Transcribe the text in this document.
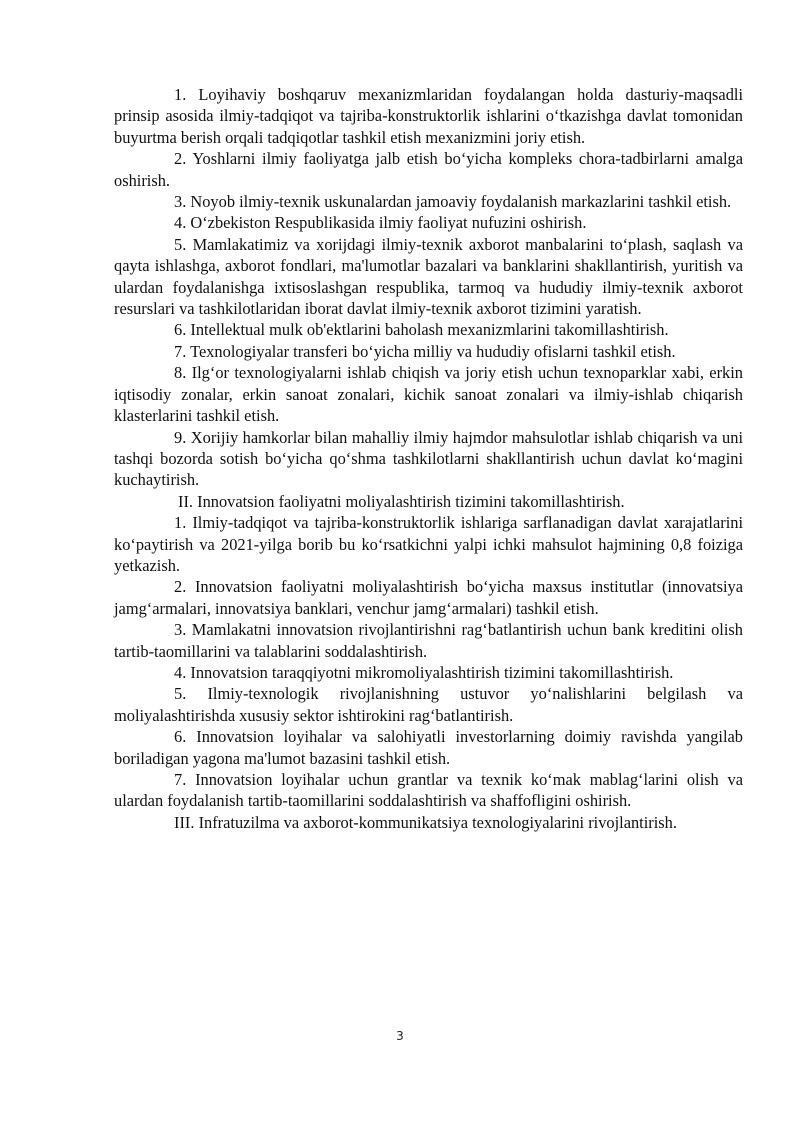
1. Loyihaviy boshqaruv mexanizmlaridan foydalangan holda dasturiy-maqsadli prinsip asosida ilmiy-tadqiqot va tajriba-konstruktorlik ishlarini o‘tkazishga davlat tomonidan buyurtma berish orqali tadqiqotlar tashkil etish mexanizmini joriy etish.

2. Yoshlarni ilmiy faoliyatga jalb etish bo‘yicha kompleks chora-tadbirlarni amalga oshirish.

3. Noyob ilmiy-texnik uskunalardan jamoaviy foydalanish markazlarini tashkil etish.

4. O‘zbekiston Respublikasida ilmiy faoliyat nufuzini oshirish.

5. Mamlakatimiz va xorijdagi ilmiy-texnik axborot manbalarini to‘plash, saqlash va qayta ishlashga, axborot fondlari, ma'lumotlar bazalari va banklarini shakllantirish, yuritish va ulardan foydalanishga ixtisoslashgan respublika, tarmoq va hududiy ilmiy-texnik axborot resurslari va tashkilotlaridan iborat davlat ilmiy-texnik axborot tizimini yaratish.

6. Intellektual mulk ob'ektlarini baholash mexanizmlarini takomillashtirish.

7. Texnologiyalar transferi bo‘yicha milliy va hududiy ofislarni tashkil etish.

8. Ilg‘or texnologiyalarni ishlab chiqish va joriy etish uchun texnoparklar xabi, erkin iqtisodiy zonalar, erkin sanoat zonalari, kichik sanoat zonalari va ilmiy-ishlab chiqarish klasterlarini tashkil etish.

9. Xorijiy hamkorlar bilan mahalliy ilmiy hajmdor mahsulotlar ishlab chiqarish va uni tashqi bozorda sotish bo‘yicha qo‘shma tashkilotlarni shakllantirish uchun davlat ko‘magini kuchaytirish.

II. Innovatsion faoliyatni moliyalashtirish tizimini takomillashtirish.

1. Ilmiy-tadqiqot va tajriba-konstruktorlik ishlariga sarflanadigan davlat xarajatlarini ko‘paytirish va 2021-yilga borib bu ko‘rsatkichni yalpi ichki mahsulot hajmining 0,8 foiziga yetkazish.

2. Innovatsion faoliyatni moliyalashtirish bo‘yicha maxsus institutlar (innovatsiya jamg‘armalari, innovatsiya banklari, venchur jamg‘armalari) tashkil etish.

3. Mamlakatni innovatsion rivojlantirishni rag‘batlantirish uchun bank kreditini olish tartib-taomillarini va talablarini soddalashtirish.

4. Innovatsion taraqqiyotni mikromoliyalashtirish tizimini takomillashtirish.

5. Ilmiy-texnologik rivojlanishning ustuvor yo‘nalishlarini belgilash va moliyalashtirishda xususiy sektor ishtirokini rag‘batlantirish.

6. Innovatsion loyihalar va salohiyatli investorlarning doimiy ravishda yangilab boriladigan yagona ma'lumot bazasini tashkil etish.

7. Innovatsion loyihalar uchun grantlar va texnik ko‘mak mablag‘larini olish va ulardan foydalanish tartib-taomillarini soddalashtirish va shaffofligini oshirish.

III. Infratuzilma va axborot-kommunikatsiya texnologiyalarini rivojlantirish.

3
